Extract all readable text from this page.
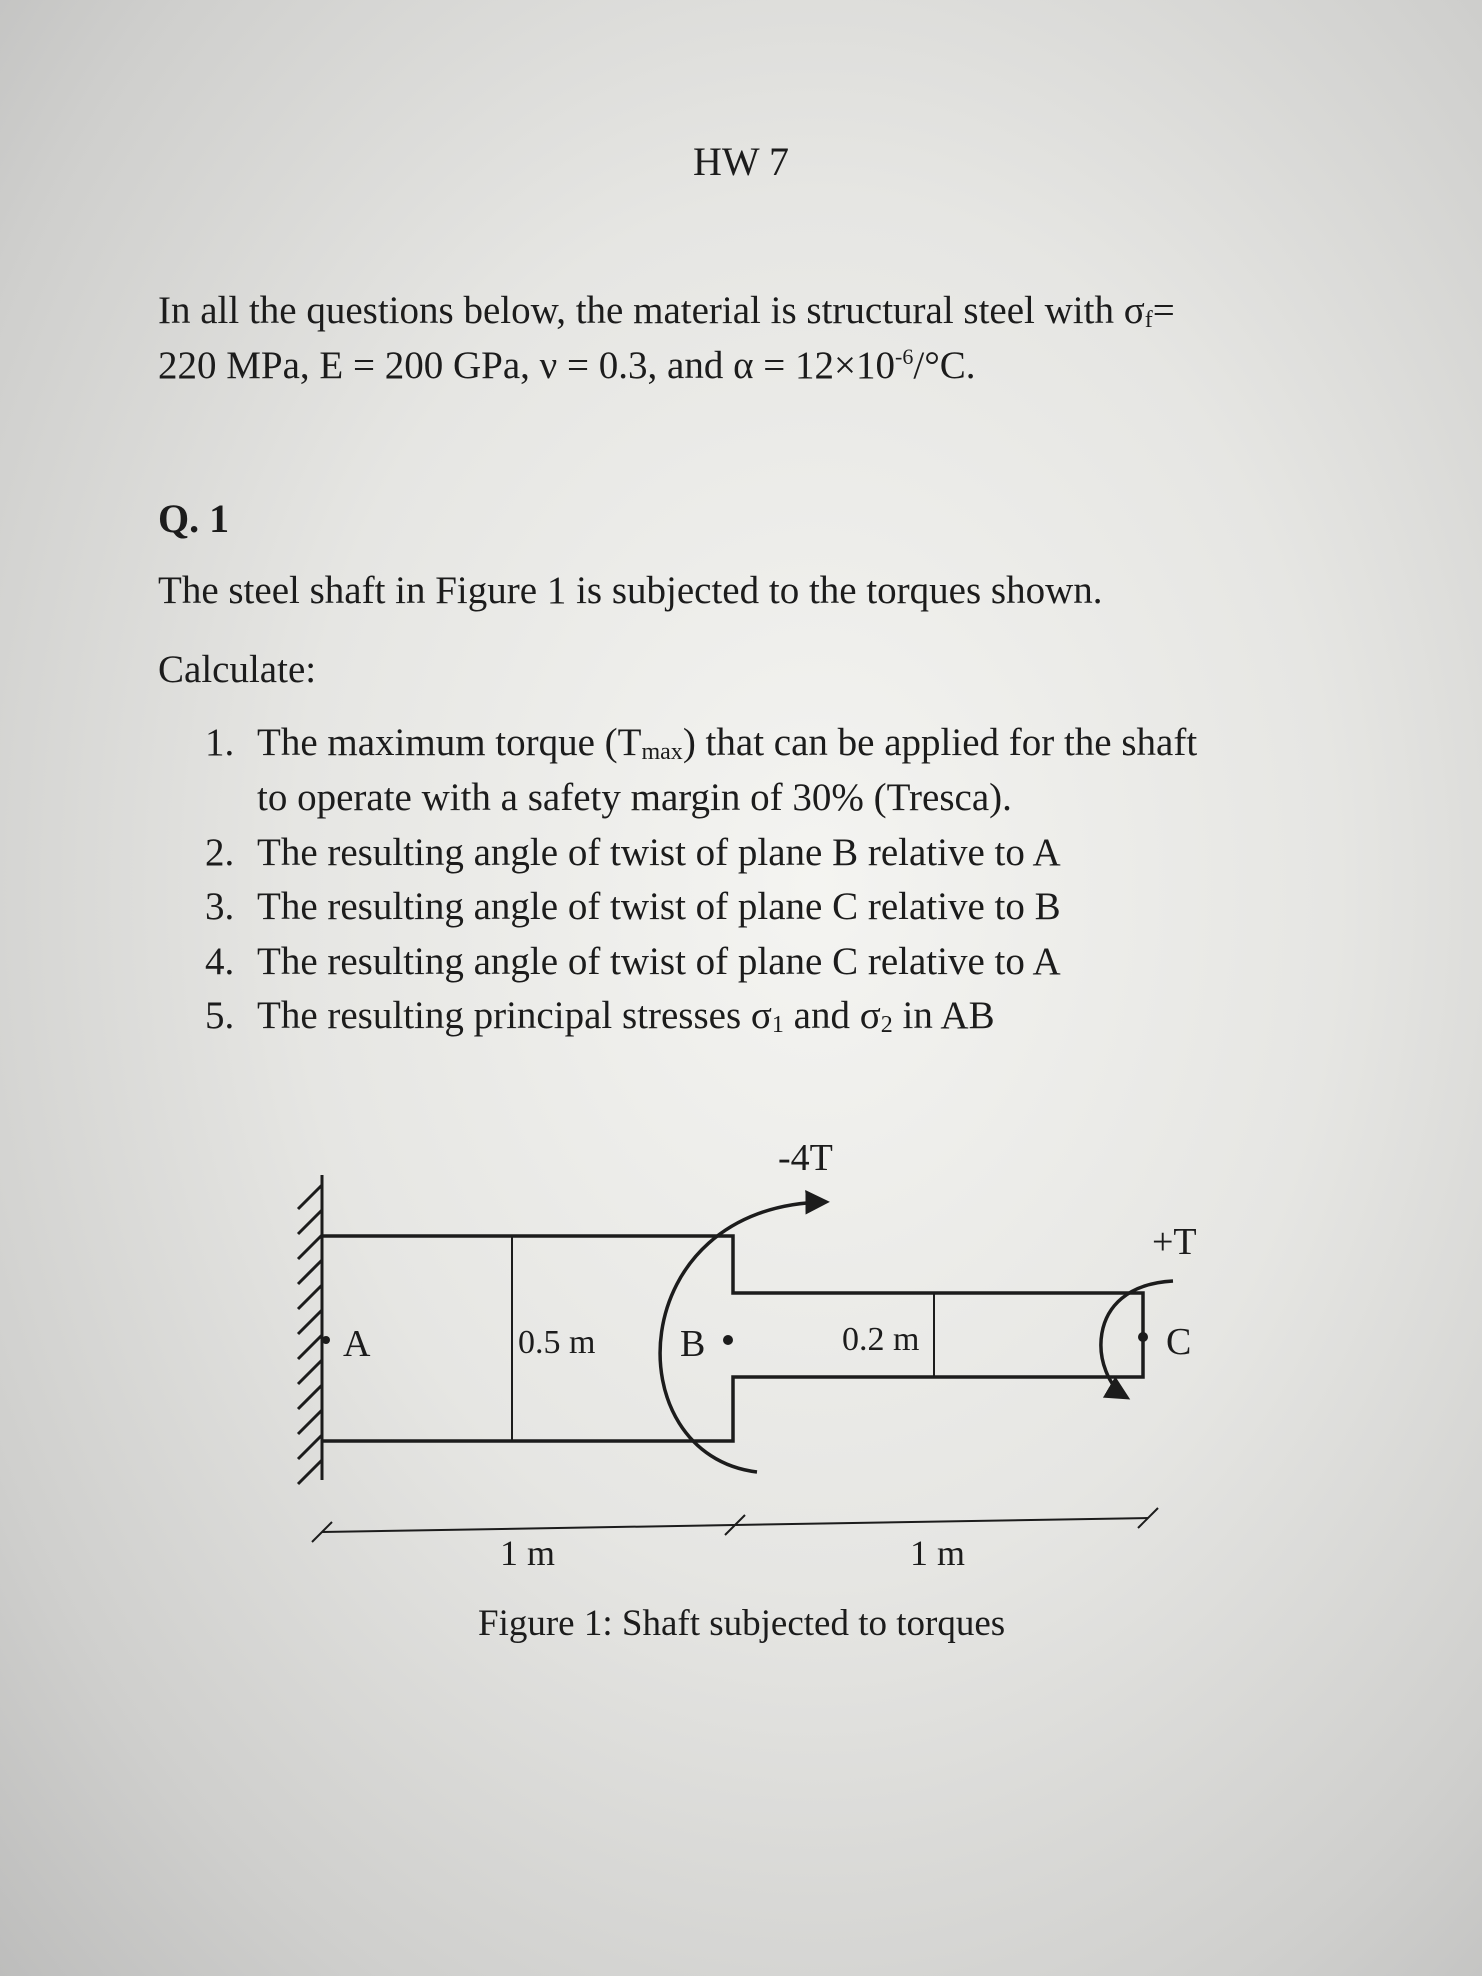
HW 7
In all the questions below, the material is structural steel with $\sigma_f=$
220 MPa, E = 200 GPa, ν = 0.3, and $\alpha = 12\times 10^{-6}/^\circ C$.
Q. 1
The steel shaft in Figure 1 is subjected to the torques shown.
Calculate:
1. The maximum torque $(T_{max})$ that can be applied for the shaft
to operate with a safety margin of 30% (Tresca).
2. The resulting angle of twist of plane B relative to A
3. The resulting angle of twist of plane C relative to B
4. The resulting angle of twist of plane C relative to A
5. The resulting principal stresses $\sigma_1$ and $\sigma_2$ in AB
-4T
+T
A	B	C
0.5 m	0.2 m
1 m	1 m
Figure 1: Shaft subjected to torques
